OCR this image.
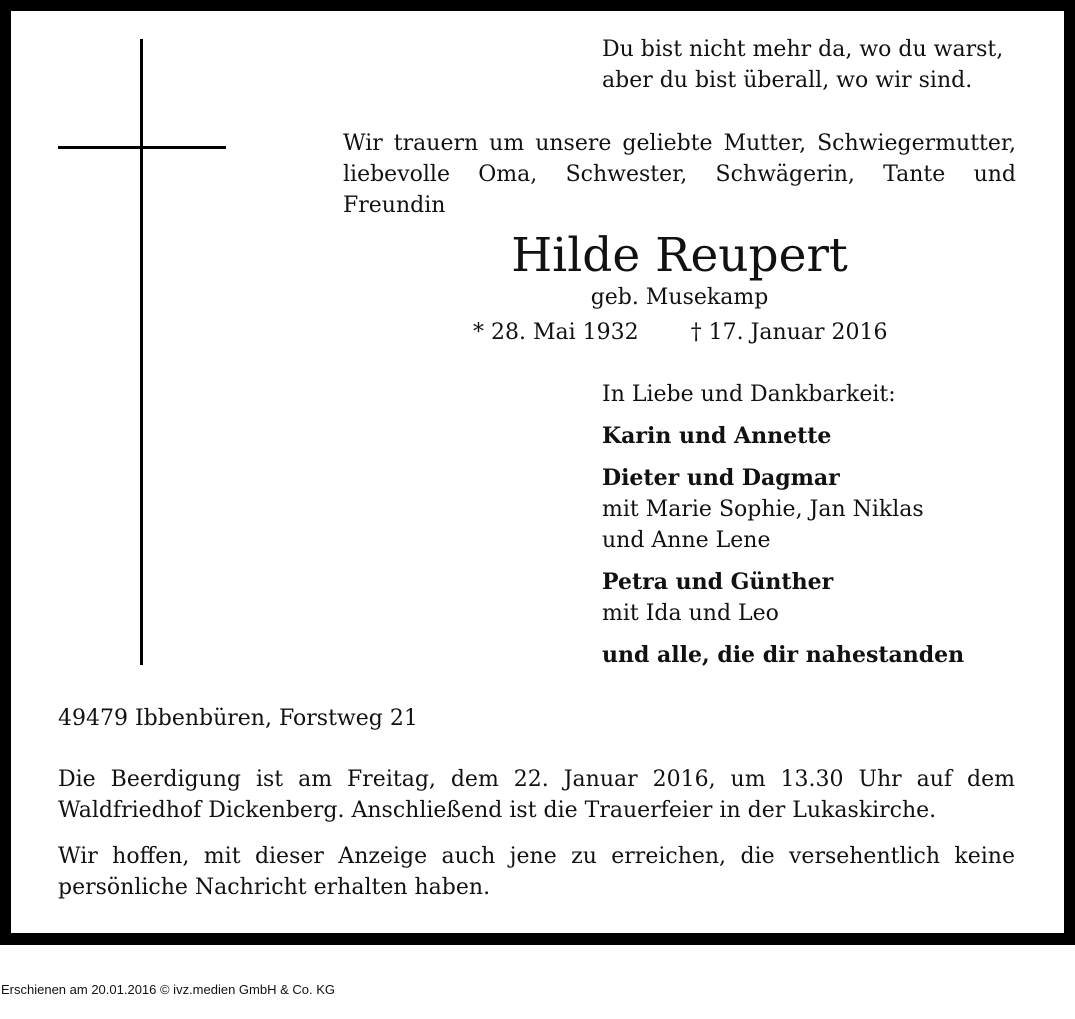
Du bist nicht mehr da, wo du warst,
aber du bist überall, wo wir sind.
Wir trauern um unsere geliebte Mutter, Schwiegermutter,
liebevolle Oma, Schwester, Schwägerin, Tante und Freundin
Hilde Reupert
geb. Musekamp
* 28. Mai 1932 † 17. Januar 2016

In Liebe und Dankbarkeit:

Karin und Annette

Dieter und Dagmar

mit Marie Sophie, Jan Niklas

und Anne Lene

Petra und Günther

mit Ida und Leo

und alle, die dir nahestanden

49479 Ibbenbüren, Forstweg 21
Die Beerdigung ist am Freitag, dem 22. Januar 2016, um 13.30 Uhr auf dem
Waldfriedhof Dickenberg. Anschließend ist die Trauerfeier in der Lukaskirche.
Wir hoffen, mit dieser Anzeige auch jene zu erreichen, die versehentlich keine
persönliche Nachricht erhalten haben.
Erschienen am 20.01.2016 © ivz.medien GmbH & Co. KG
